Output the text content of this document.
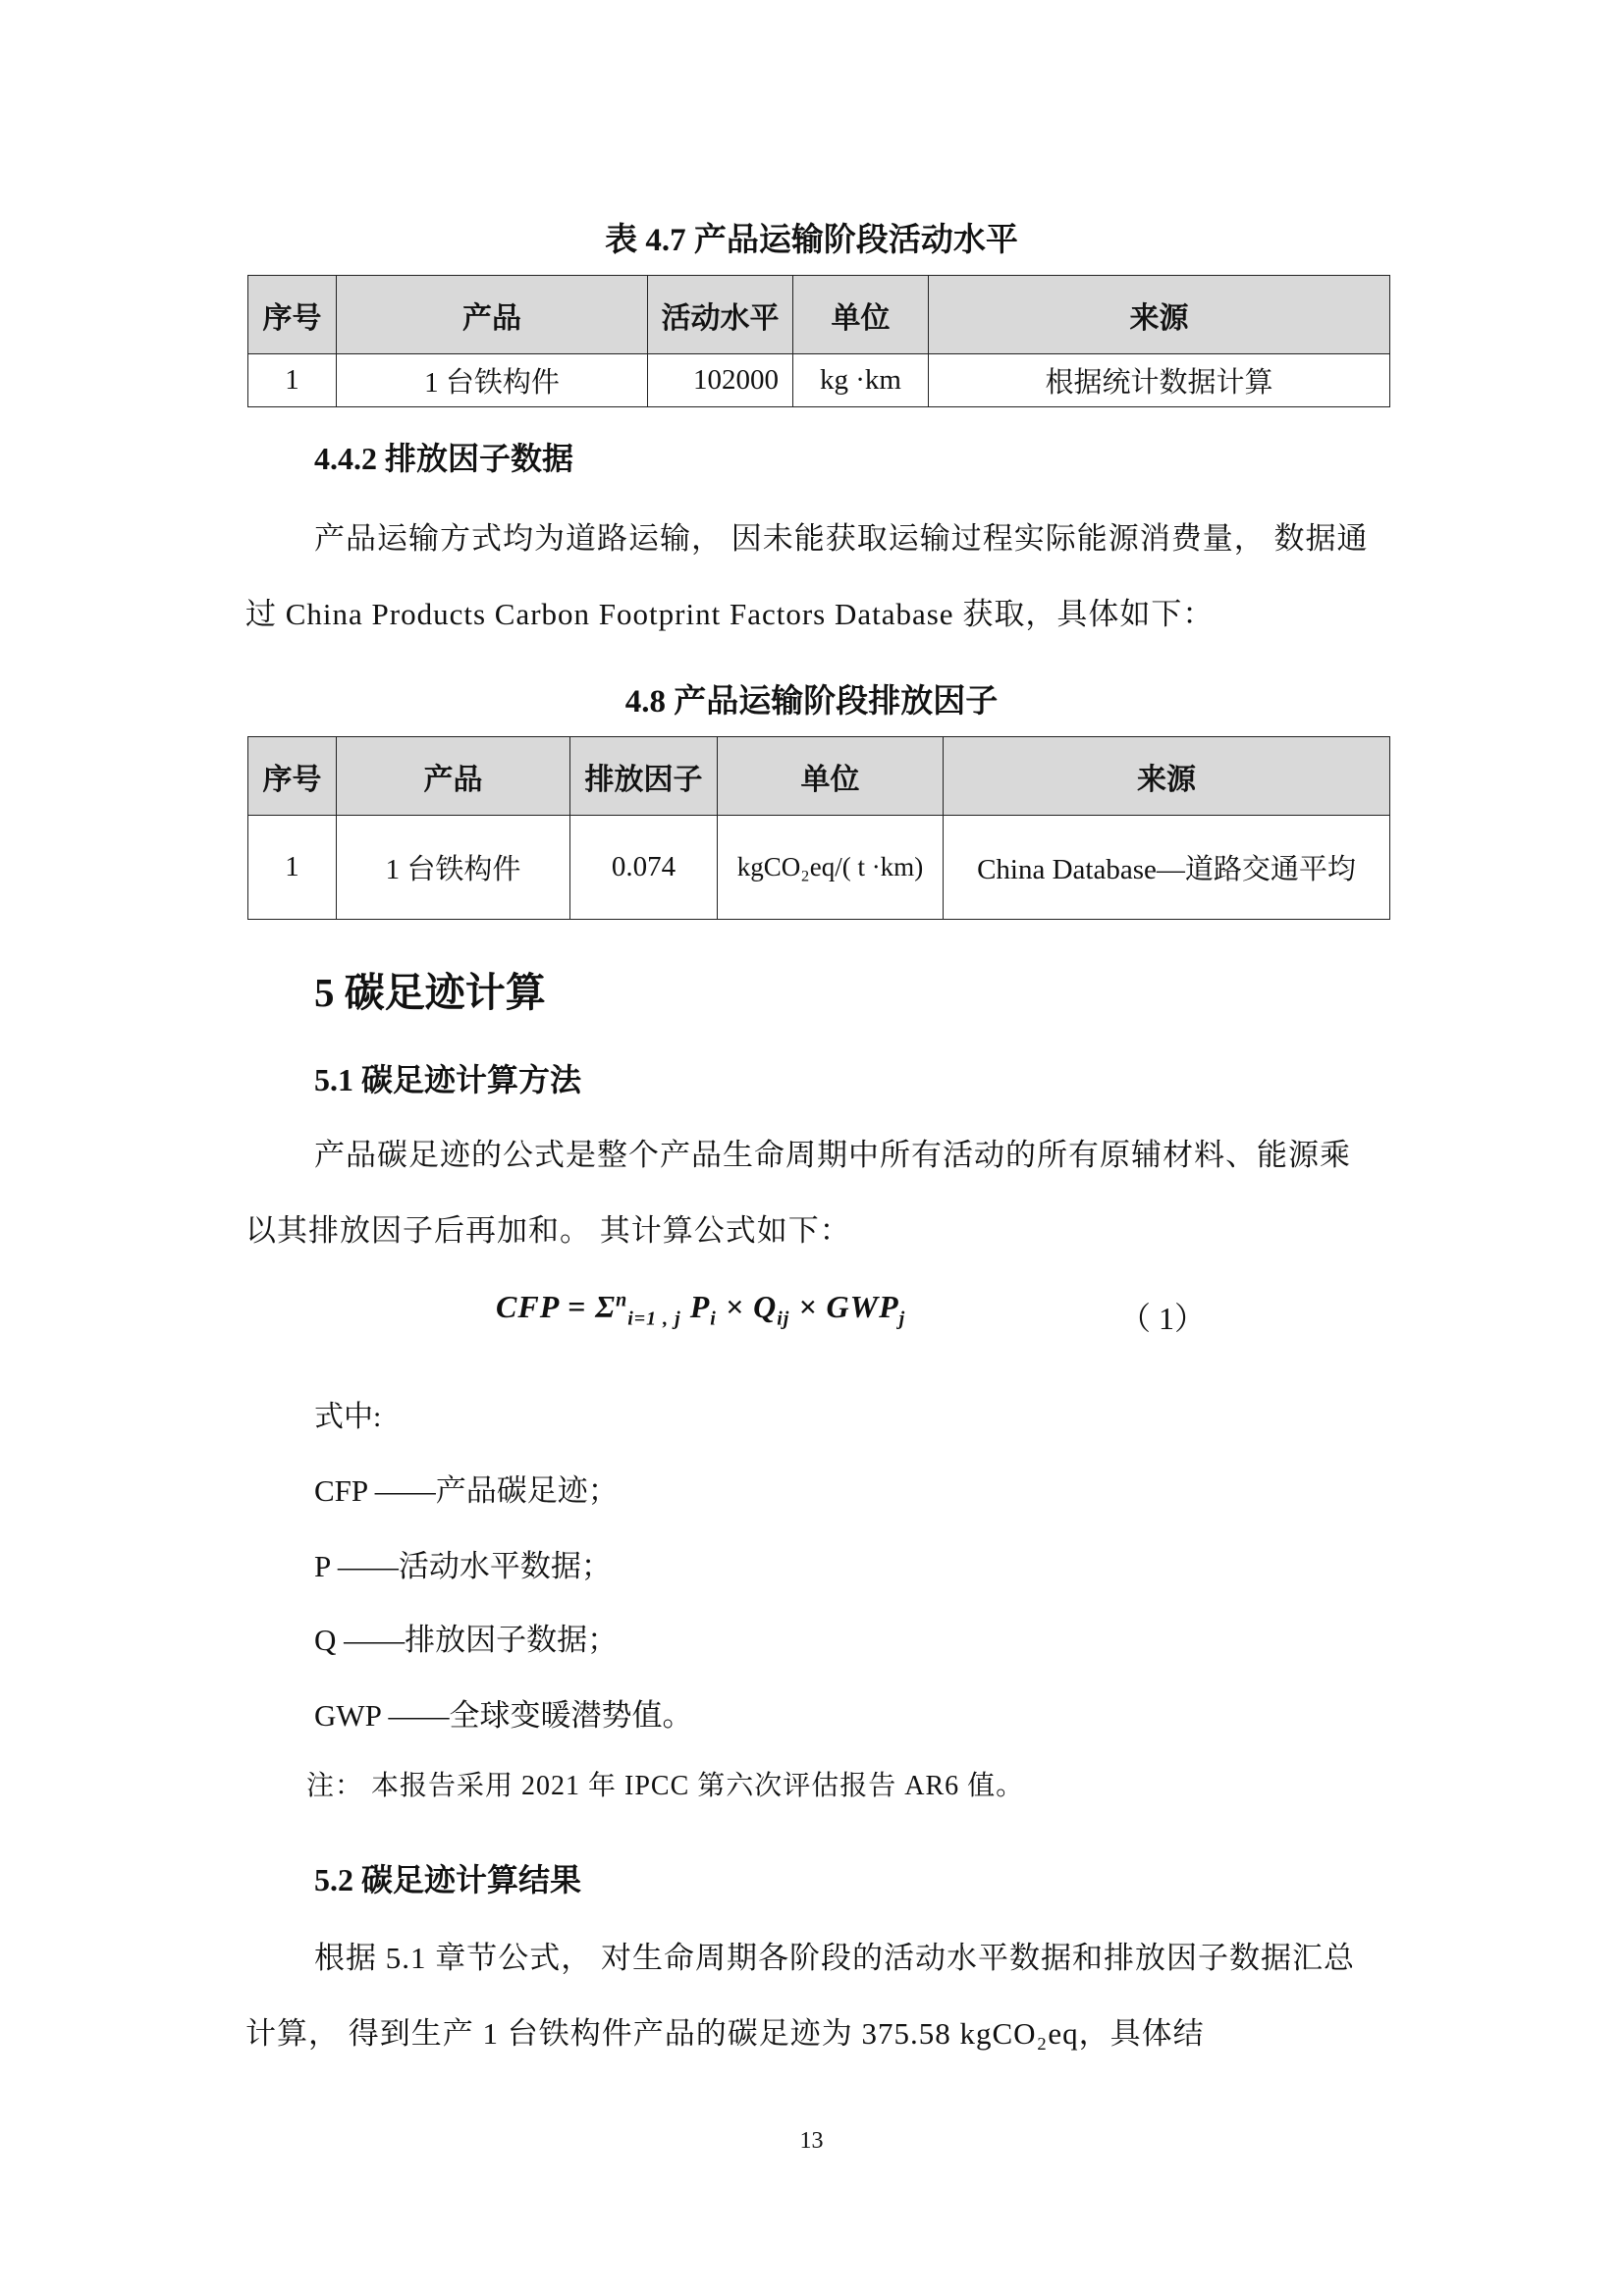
表 4.7 产品运输阶段活动水平
序号	产品	活动水平	单位	来源
1	1 台铁构件	102000	kg ·km	根据统计数据计算
4.4.2 排放因子数据
产品运输方式均为道路运输， 因未能获取运输过程实际能源消费量， 数据通
过 China Products Carbon Footprint Factors Database 获取，具体如下：
4.8 产品运输阶段排放因子
序号	产品	排放因子	单位	来源
1	1 台铁构件	0.074	kgCO₂eq/( t ·km)	China Database—道路交通平均
5 碳足迹计算
5.1 碳足迹计算方法
产品碳足迹的公式是整个产品生命周期中所有活动的所有原辅材料、能源乘
以其排放因子后再加和。 其计算公式如下：
CFP = $\Sigma^n_{i=1 , j}$ $P_i \times Q_{ij} \times GWP_j$	（ 1）
式中:
CFP ——产品碳足迹；
P ——活动水平数据；
Q ——排放因子数据；
GWP ——全球变暖潜势值。
注： 本报告采用 2021 年 IPCC 第六次评估报告 AR6 值。
5.2 碳足迹计算结果
根据 5.1 章节公式， 对生命周期各阶段的活动水平数据和排放因子数据汇总
计算， 得到生产 1 台铁构件产品的碳足迹为 375.58 kgCO₂eq，具体结
13
